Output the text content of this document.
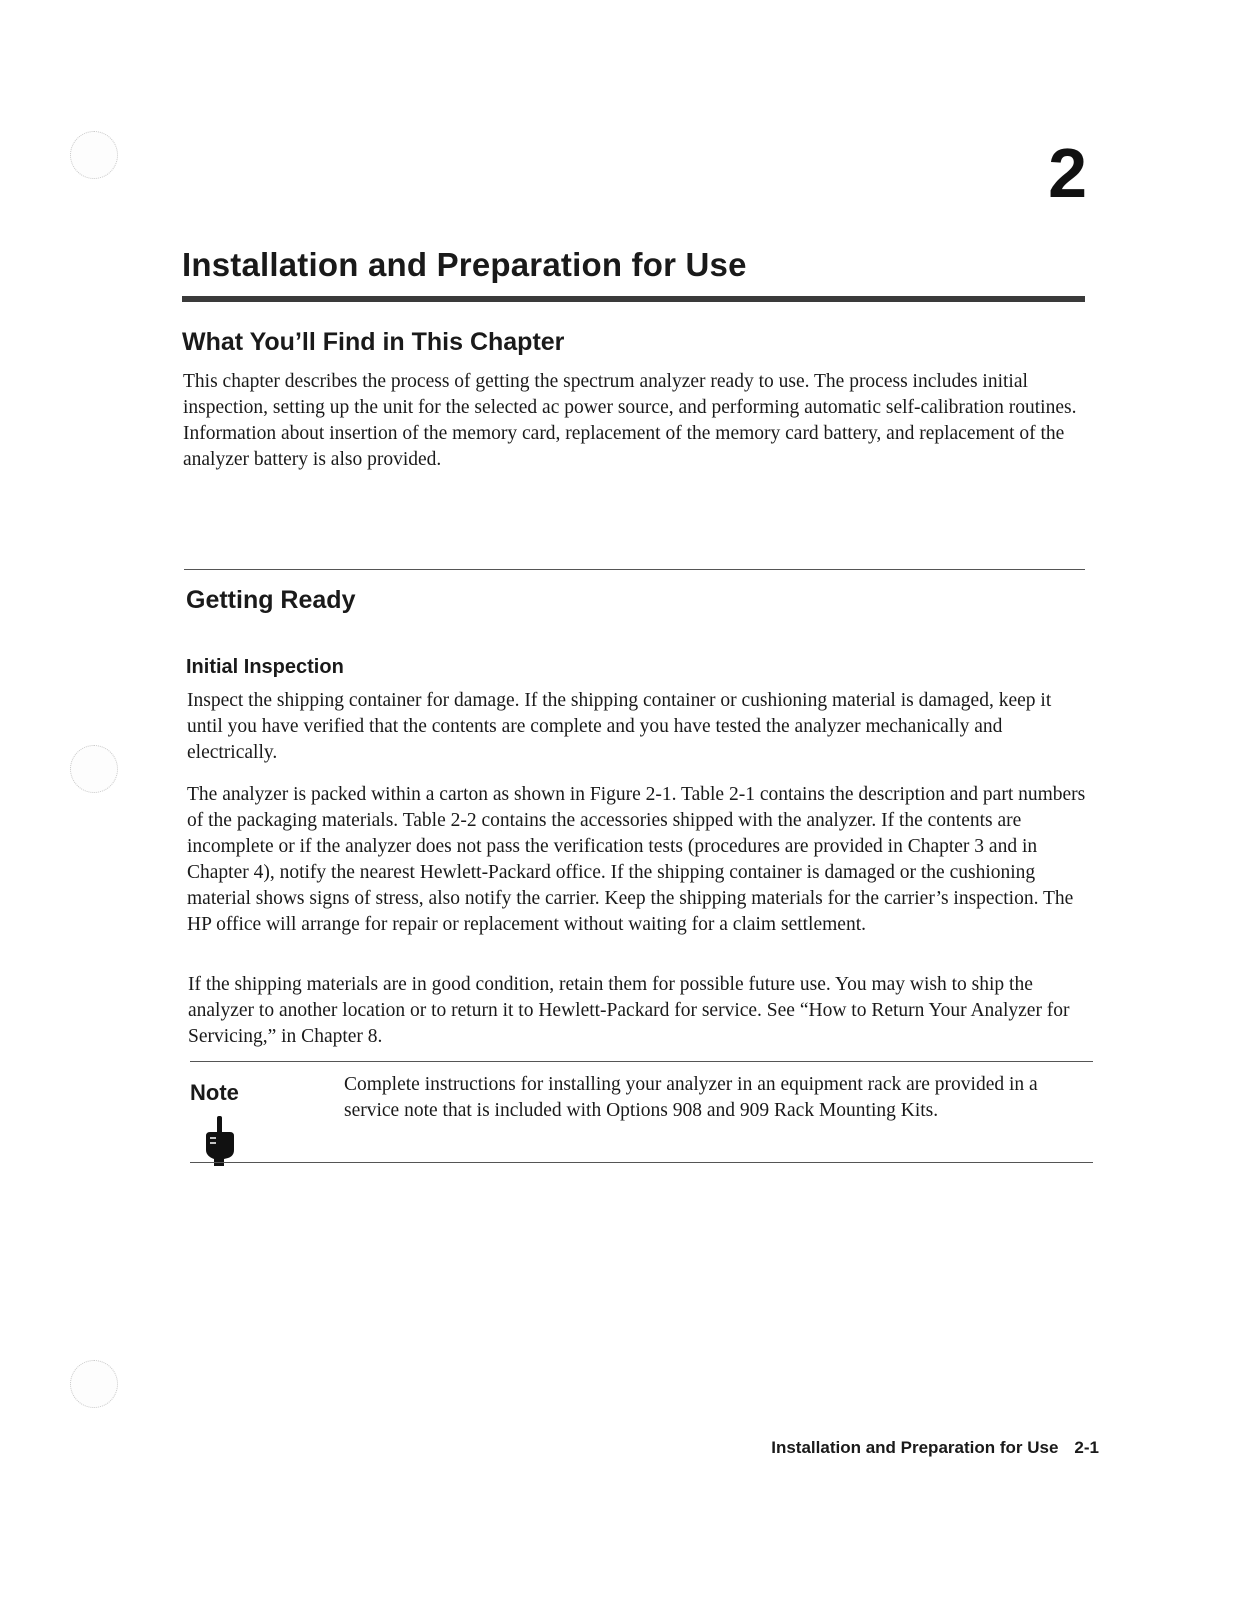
2
Installation and Preparation for Use
What You’ll Find in This Chapter

This chapter describes the process of getting the spectrum analyzer ready to use. The process includes initial inspection, setting up the unit for the selected ac power source, and performing automatic self-calibration routines. Information about insertion of the memory card, replacement of the memory card battery, and replacement of the analyzer battery is also provided.

Getting Ready
Initial Inspection

Inspect the shipping container for damage. If the shipping container or cushioning material is damaged, keep it until you have verified that the contents are complete and you have tested the analyzer mechanically and electrically.

The analyzer is packed within a carton as shown in Figure 2-1. Table 2-1 contains the description and part numbers of the packaging materials. Table 2-2 contains the accessories shipped with the analyzer. If the contents are incomplete or if the analyzer does not pass the verification tests (procedures are provided in Chapter 3 and in Chapter 4), notify the nearest Hewlett-Packard office. If the shipping container is damaged or the cushioning material shows signs of stress, also notify the carrier. Keep the shipping materials for the carrier’s inspection. The HP office will arrange for repair or replacement without waiting for a claim settlement.

If the shipping materials are in good condition, retain them for possible future use. You may wish to ship the analyzer to another location or to return it to Hewlett-Packard for service. See “How to Return Your Analyzer for Servicing,” in Chapter 8.

Note	Complete instructions for installing your analyzer in an equipment rack are provided in a service note that is included with Options 908 and 909 Rack Mounting Kits.

Installation and Preparation for Use 2-1
